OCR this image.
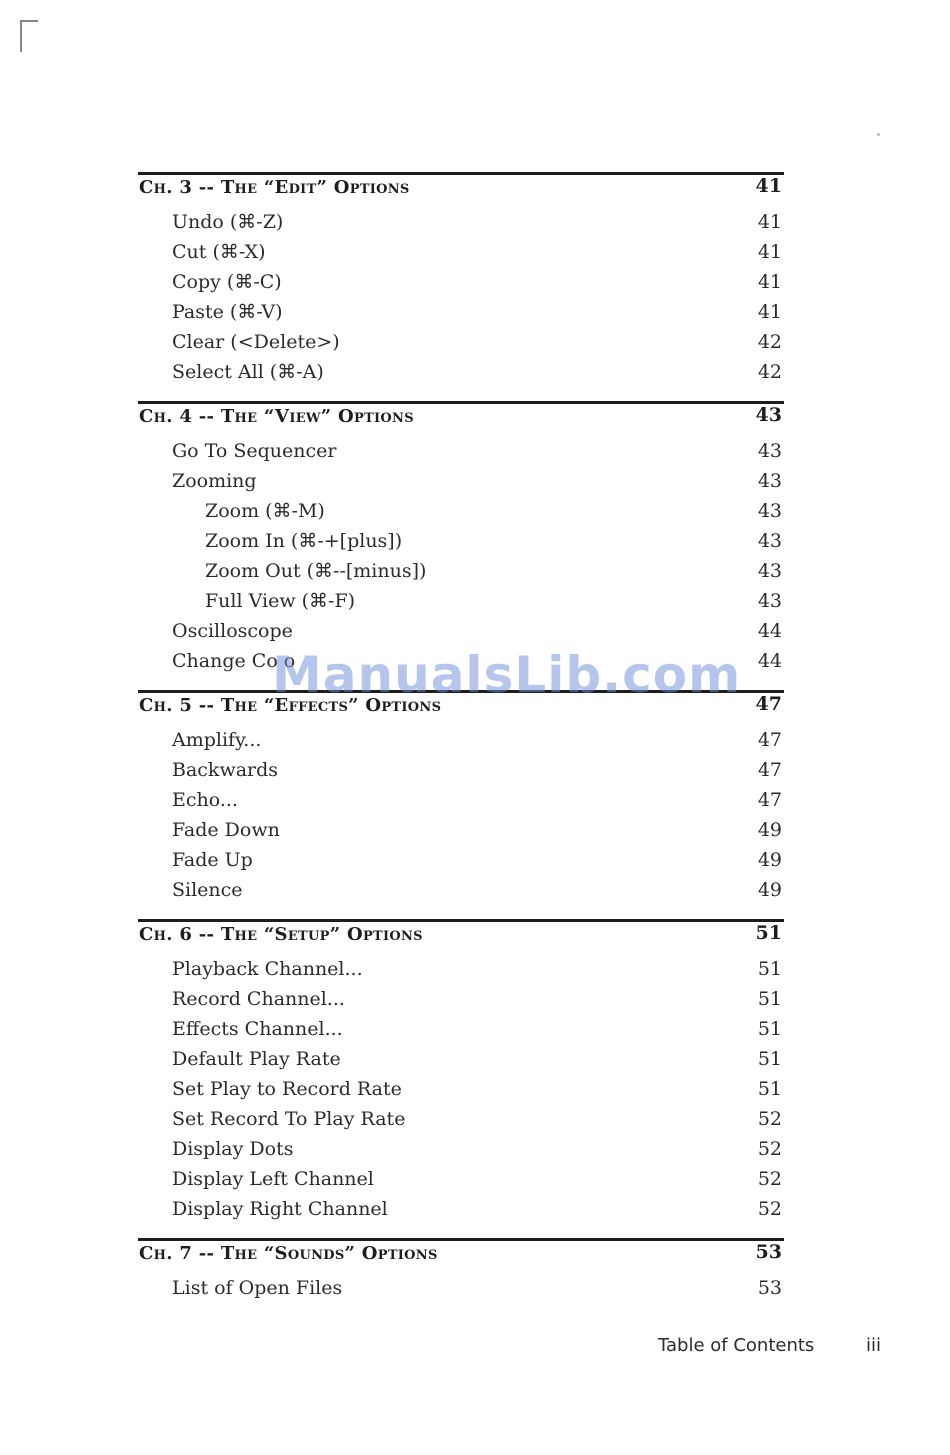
Ch. 3 -- The “Edit” Options	41
Undo (⌘-Z)	41
Cut (⌘-X)	41
Copy (⌘-C)	41
Paste (⌘-V)	41
Clear (<Delete>)	42
Select All (⌘-A)	42
Ch. 4 -- The “View” Options	43
Go To Sequencer	43
Zooming	43
Zoom (⌘-M)	43
Zoom In (⌘-+[plus])	43
Zoom Out (⌘--[minus])	43
Full View (⌘-F)	43
Oscilloscope	44
Change Co o	44
Ch. 5 -- The “Effects” Options	47
Amplify...	47
Backwards	47
Echo...	47
Fade Down	49
Fade Up	49
Silence	49
Ch. 6 -- The “Setup” Options	51
Playback Channel...	51
Record Channel...	51
Effects Channel...	51
Default Play Rate	51
Set Play to Record Rate	51
Set Record To Play Rate	52
Display Dots	52
Display Left Channel	52
Display Right Channel	52
Ch. 7 -- The “Sounds” Options	53
List of Open Files	53
ManualsLib.com
Table of Contents	iii
